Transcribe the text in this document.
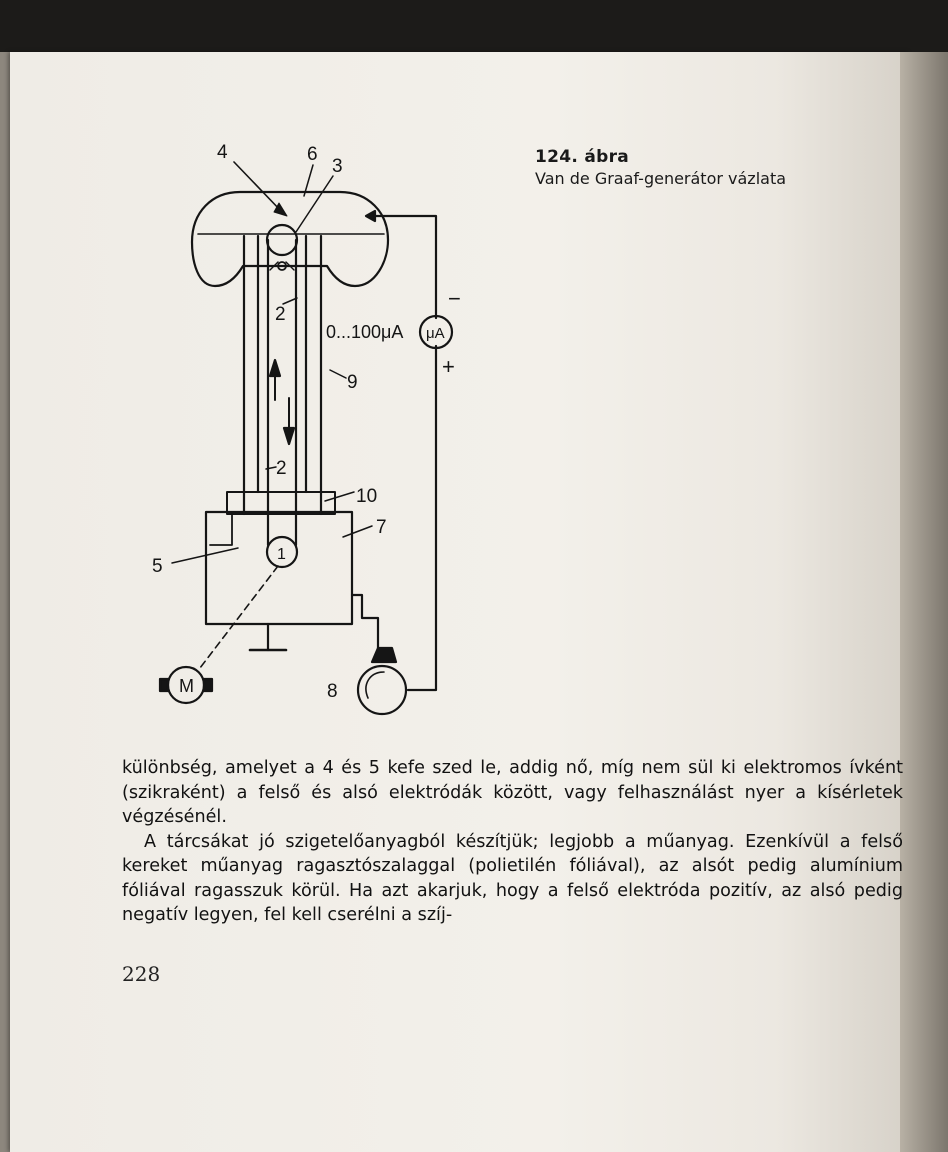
4	6
3
2
2
9
10
7
5
1
8
0...100μA μA
M
−
+
124. ábra
Van de Graaf-generátor vázlata

különbség, amelyet a 4 és 5 kefe szed le, addig nő, míg nem sül ki elektromos ívként (szikraként) a felső és alsó elektródák között, vagy felhasználást nyer a kísérletek végzésénél.

A tárcsákat jó szigetelőanyagból készítjük; legjobb a műanyag. Ezenkívül a felső kereket műanyag ragasztószalaggal (polietilén fóliával), az alsót pedig alumínium fóliával ragasszuk körül. Ha azt akarjuk, hogy a felső elektróda pozitív, az alsó pedig negatív legyen, fel kell cserélni a szíj-

228
